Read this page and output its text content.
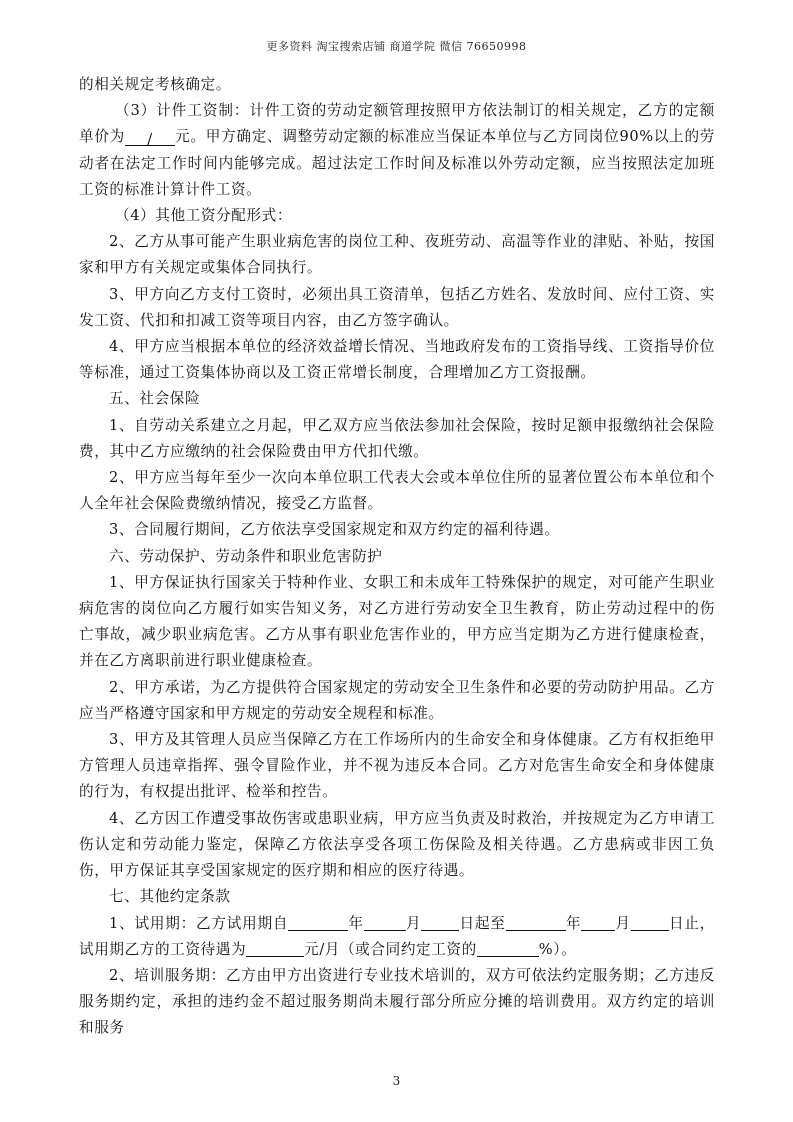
更多资料 淘宝搜索店铺 商道学院 微信 76650998

的相关规定考核确定。

（3）计件工资制：计件工资的劳动定额管理按照甲方依法制订的相关规定，乙方的定额单价为 / 元。甲方确定、调整劳动定额的标准应当保证本单位与乙方同岗位90%以上的劳动者在法定工作时间内能够完成。超过法定工作时间及标准以外劳动定额，应当按照法定加班工资的标准计算计件工资。

（4）其他工资分配形式：

2、乙方从事可能产生职业病危害的岗位工种、夜班劳动、高温等作业的津贴、补贴，按国家和甲方有关规定或集体合同执行。

3、甲方向乙方支付工资时，必须出具工资清单，包括乙方姓名、发放时间、应付工资、实发工资、代扣和扣减工资等项目内容，由乙方签字确认。

4、甲方应当根据本单位的经济效益增长情况、当地政府发布的工资指导线、工资指导价位等标准，通过工资集体协商以及工资正常增长制度，合理增加乙方工资报酬。

五、社会保险

1、自劳动关系建立之月起，甲乙双方应当依法参加社会保险，按时足额申报缴纳社会保险费，其中乙方应缴纳的社会保险费由甲方代扣代缴。

2、甲方应当每年至少一次向本单位职工代表大会或本单位住所的显著位置公布本单位和个人全年社会保险费缴纳情况，接受乙方监督。

3、合同履行期间，乙方依法享受国家规定和双方约定的福利待遇。

六、劳动保护、劳动条件和职业危害防护

1、甲方保证执行国家关于特种作业、女职工和未成年工特殊保护的规定，对可能产生职业病危害的岗位向乙方履行如实告知义务，对乙方进行劳动安全卫生教育，防止劳动过程中的伤亡事故，减少职业病危害。乙方从事有职业危害作业的，甲方应当定期为乙方进行健康检查，并在乙方离职前进行职业健康检查。

2、甲方承诺，为乙方提供符合国家规定的劳动安全卫生条件和必要的劳动防护用品。乙方应当严格遵守国家和甲方规定的劳动安全规程和标准。

3、甲方及其管理人员应当保障乙方在工作场所内的生命安全和身体健康。乙方有权拒绝甲方管理人员违章指挥、强令冒险作业，并不视为违反本合同。乙方对危害生命安全和身体健康的行为，有权提出批评、检举和控告。

4、乙方因工作遭受事故伤害或患职业病，甲方应当负责及时救治，并按规定为乙方申请工伤认定和劳动能力鉴定，保障乙方依法享受各项工伤保险及相关待遇。乙方患病或非因工负伤，甲方保证其享受国家规定的医疗期和相应的医疗待遇。

七、其他约定条款

1、试用期：乙方试用期自	年	月	日起至	年 月	日止，试用期乙方的工资待遇为	元/月（或合同约定工资的	%）。

2、培训服务期：乙方由甲方出资进行专业技术培训的，双方可依法约定服务期；乙方违反服务期约定，承担的违约金不超过服务期尚未履行部分所应分摊的培训费用。双方约定的培训和服务

3
